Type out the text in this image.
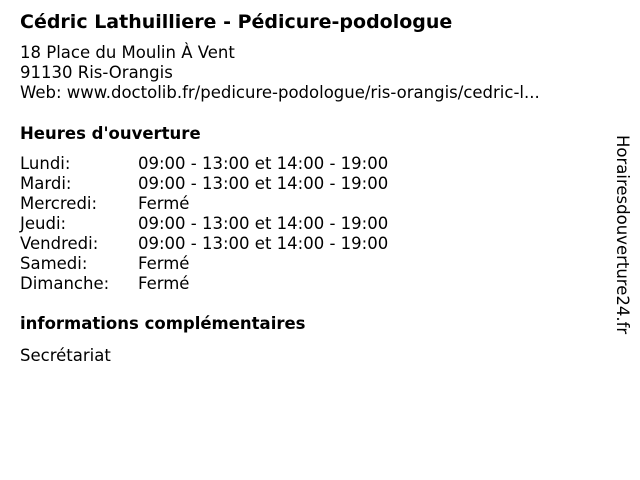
Cédric Lathuilliere - Pédicure-podologue
18 Place du Moulin À Vent
91130 Ris-Orangis
Web: www.doctolib.fr/pedicure-podologue/ris-orangis/cedric-l...
Heures d'ouverture
Lundi:	09:00 - 13:00 et 14:00 - 19:00
Mardi:	09:00 - 13:00 et 14:00 - 19:00
Mercredi:	Fermé
Jeudi:	09:00 - 13:00 et 14:00 - 19:00
Vendredi:	09:00 - 13:00 et 14:00 - 19:00
Samedi:	Fermé
Dimanche:	Fermé
informations complémentaires
Secrétariat
Horairesdouverture24.fr
